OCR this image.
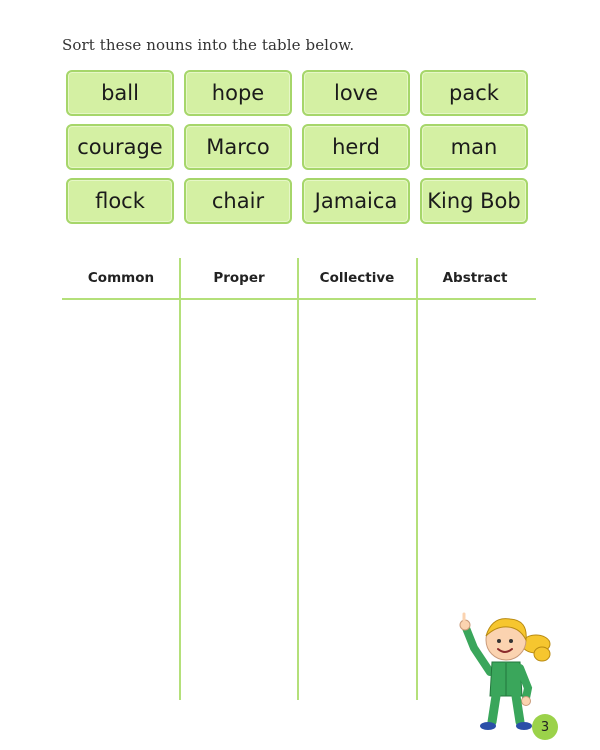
Sort these nouns into the table below.
ball	hope	love	pack
courage	Marco	herd	man
flock	chair	Jamaica	King Bob
Common	Proper	Collective	Abstract
3
